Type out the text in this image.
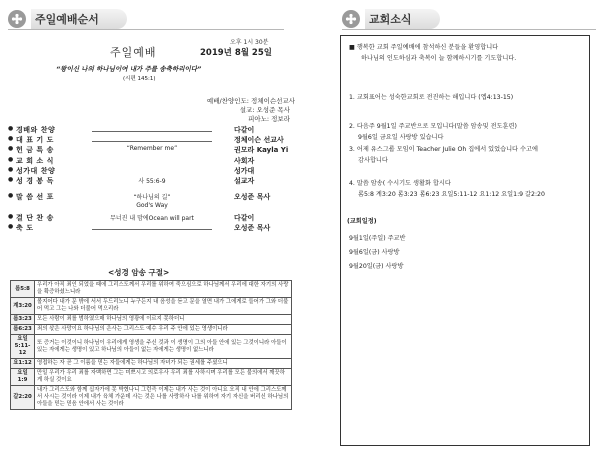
주일예배순서	교회소식
오후 1시 30분
주일예배	2019년 8월 25일
“왕이신 나의 하나님이여 내가 주를 송축하리이다”
(시편 145:1)
예배/찬양인도: 정체이슨선교사
설교: 오성준 목사
피아노: 정보라
● 경배와 찬양	다같이
● 대 표 기 도	정체이슨 선교사
● 헌 금 특 송	“Remember me”	권모라 Kayla Yi
● 교 회 소 식	사회자
● 성가대 찬양	성가대
● 성 경 봉 독	사 55:6-9	설교자
● 말 씀 선 포	“하나님의 길”	오성준 목사
God's Way
● 결 단 찬 송	무너진 내 맘에Ocean will part	다같이
● 축 도	오성준 목사
<성경 암송 구절>
롬5:8	우리가 아직 죄인 되었을 때에 그리스도께서 우리를 위하여 죽으심으로 하나님께서 우리에 대한 자기의 사랑을 확증하셨느니라
계3:20	볼지어다 내가 문 밖에 서서 두드리노니 누구든지 내 음성을 듣고 문을 열면 내가 그에게로 들어가 그와 더불어 먹고 그는 나와 더불어 먹으리라
롬3:23	모든 사람이 죄를 범하였으매 하나님의 영광에 이르지 못하더니
롬6:23	죄의 삯은 사망이요 하나님의 은사는 그리스도 예수 우리 주 안에 있는 영생이니라
요일 5:11-12	또 증거는 이것이니 하나님이 우리에게 영생을 주신 것과 이 생명이 그의 아들 안에 있는 그것이니라 아들이 있는 자에게는 생명이 있고 하나님의 아들이 없는 자에게는 생명이 없느니라
요1:12	영접하는 자 곧 그 이름을 믿는 자들에게는 하나님의 자녀가 되는 권세를 주셨으니
요일1:9	만일 우리가 우리 죄를 자백하면 그는 미쁘시고 의로우사 우리 죄를 사하시며 우리를 모든 불의에서 깨끗하게 하실 것이요
갈2:20	내가 그리스도와 함께 십자가에 못 박혔나니 그런즉 이제는 내가 사는 것이 아니요 오직 내 안에 그리스도께서 사시는 것이라 이제 내가 육체 가운데 사는 것은 나를 사랑하사 나를 위하여 자기 자신을 버리신 하나님의 아들을 믿는 믿음 안에서 사는 것이라
■ 행복한 교회 주일예배에 참석하신 분들을 환영합니다
하나님의 인도하심과 축복이 늘 함께하시기를 기도합니다.
1. 교회표어는 성숙한교회로 전진하는 해입니다 (엡4:13-15)
2. 다음주 9월1일 주교반으로 모입니다(말씀 암송및 전도훈련)
9월6일 금요일 사랑방 있습니다
3. 어제 유스그룹 모임이 Teacher Julie Oh 집에서 있었습니다 수고에
감사합니다
4. 말씀 암송( 수시기도 생활화 합시다
롬5:8 계3:20 롬3:23 롬6:23 요일5:11-12 요1:12 요일1:9 갈2:20
(교회일정)
9월1일(주일) 주교반
9월6일(금) 사랑방
9월20일(금) 사랑방
